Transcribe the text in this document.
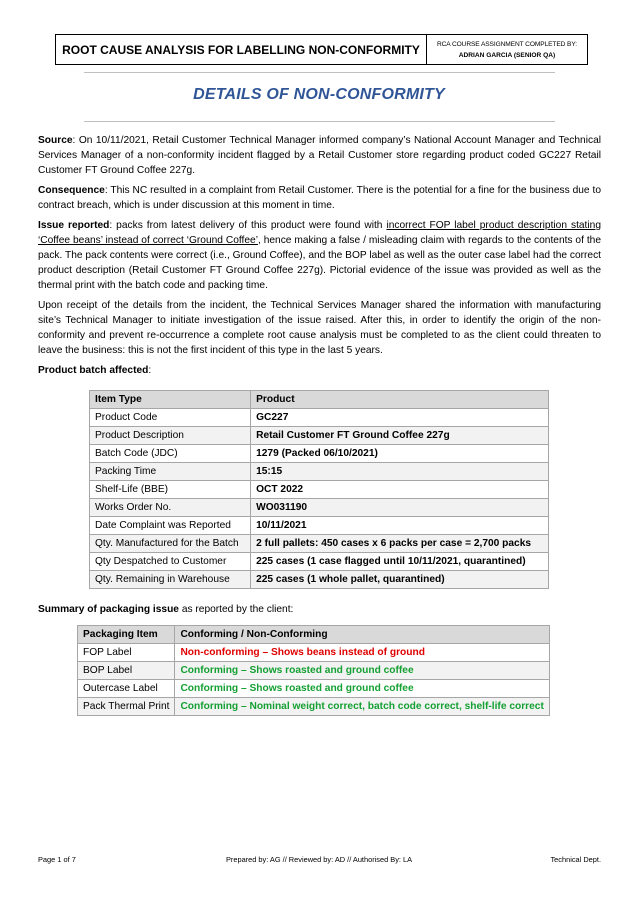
ROOT CAUSE ANALYSIS FOR LABELLING NON-CONFORMITY	RCA COURSE ASSIGNMENT COMPLETED BY:
ADRIAN GARCIA (SENIOR QA)
DETAILS OF NON-CONFORMITY

Source: On 10/11/2021, Retail Customer Technical Manager informed company’s National Account Manager and Technical Services Manager of a non-conformity incident flagged by a Retail Customer store regarding product coded GC227 Retail Customer FT Ground Coffee 227g.

Consequence: This NC resulted in a complaint from Retail Customer. There is the potential for a fine for the business due to contract breach, which is under discussion at this moment in time.

Issue reported: packs from latest delivery of this product were found with incorrect FOP label product description stating ‘Coffee beans’ instead of correct ‘Ground Coffee’, hence making a false / misleading claim with regards to the contents of the pack. The pack contents were correct (i.e., Ground Coffee), and the BOP label as well as the outer case label had the correct product description (Retail Customer FT Ground Coffee 227g). Pictorial evidence of the issue was provided as well as the thermal print with the batch code and packing time.

Upon receipt of the details from the incident, the Technical Services Manager shared the information with manufacturing site’s Technical Manager to initiate investigation of the issue raised. After this, in order to identify the origin of the non-conformity and prevent re-occurrence a complete root cause analysis must be completed to as the client could threaten to leave the business: this is not the first incident of this type in the last 5 years.

Product batch affected:

Item Type	Product
Product Code	GC227
Product Description	Retail Customer FT Ground Coffee 227g
Batch Code (JDC)	1279 (Packed 06/10/2021)
Packing Time	15:15
Shelf-Life (BBE)	OCT 2022
Works Order No.	WO031190
Date Complaint was Reported	10/11/2021
Qty. Manufactured for the Batch	2 full pallets: 450 cases x 6 packs per case = 2,700 packs
Qty Despatched to Customer	225 cases (1 case flagged until 10/11/2021, quarantined)
Qty. Remaining in Warehouse	225 cases (1 whole pallet, quarantined)

Summary of packaging issue as reported by the client:

Packaging Item	Conforming / Non-Conforming
FOP Label	Non-conforming – Shows beans instead of ground
BOP Label	Conforming – Shows roasted and ground coffee
Outercase Label	Conforming – Shows roasted and ground coffee
Pack Thermal Print	Conforming – Nominal weight correct, batch code correct, shelf-life correct
Page 1 of 7	Prepared by: AG // Reviewed by: AD // Authorised By: LA	Technical Dept.
